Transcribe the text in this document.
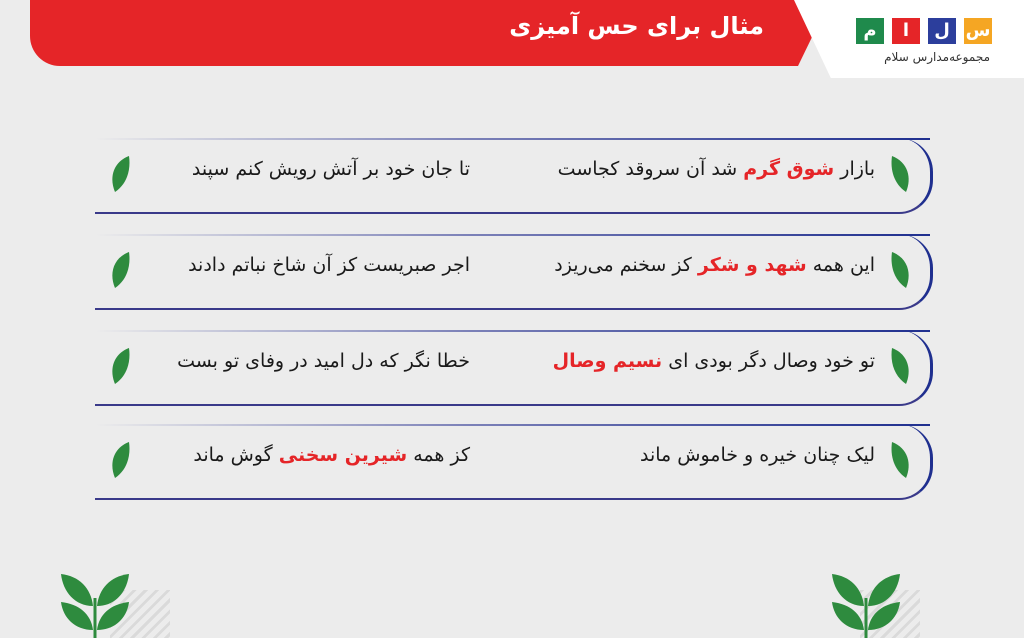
مثال برای حس آمیزی	س
ل
ا
م
مجموعه‌مدارس سلام
بازار شوق گرم شد آن سروقد کجاست
تا جان خود بر آتش رویش کنم سپند
این همه شهد و شکر کز سخنم می‌ریزد
اجر صبریست کز آن شاخ نباتم دادند
تو خود وصال دگر بودی ای نسیم وصال
خطا نگر که دل امید در وفای تو بست
لیک چنان خیره و خاموش ماند
کز همه شیرین سخنی گوش ماند
